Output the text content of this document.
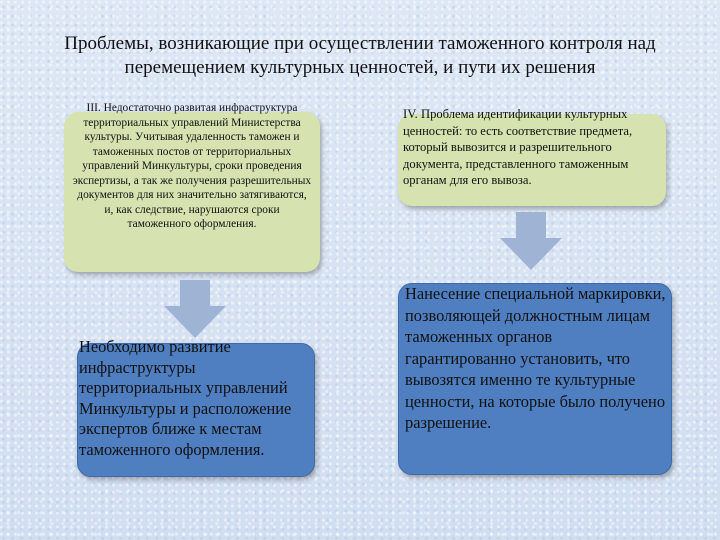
Проблемы, возникающие при осуществлении таможенного контроля над перемещением культурных ценностей, и пути их решения
III. Недостаточно развитая инфраструктура территориальных управлений Министерства культуры. Учитывая удаленность таможен и таможенных постов от территориальных управлений Минкультуры, сроки проведения экспертизы, а так же получения разрешительных документов для них значительно затягиваются, и, как следствие, нарушаются сроки таможенного оформления.
IV. Проблема идентификации культурных ценностей: то есть соответствие предмета, который вывозится и разрешительного документа, представленного таможенным органам для его вывоза.
Необходимо развитие инфраструктуры территориальных управлений Минкультуры и расположение экспертов ближе к местам таможенного оформления.
Нанесение специальной маркировки, позволяющей должностным лицам таможенных органов гарантированно установить, что вывозятся именно те культурные ценности, на которые было получено разрешение.
